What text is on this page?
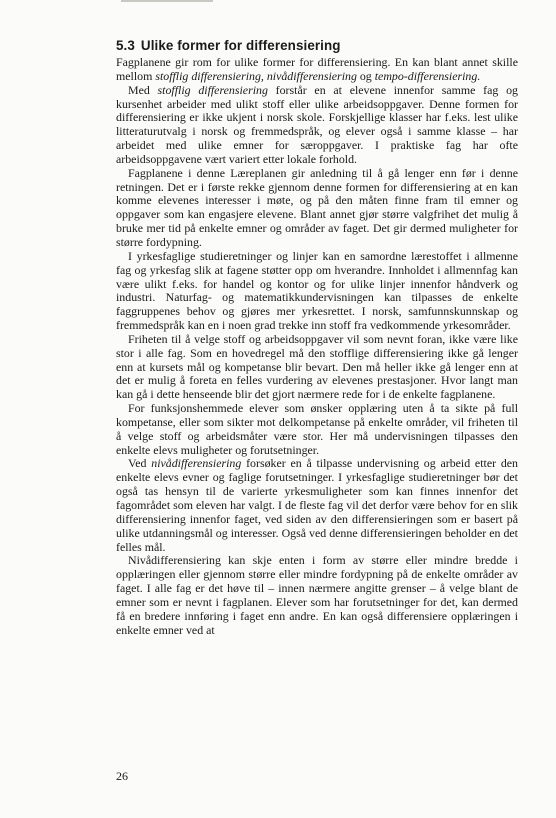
5.3 Ulike former for differensiering

Fagplanene gir rom for ulike former for differensiering. En kan blant annet skille mellom stofflig differensiering, nivådifferensiering og tempo-differensiering.

Med stofflig differensiering forstår en at elevene innenfor samme fag og kursenhet arbeider med ulikt stoff eller ulike arbeidsoppgaver. Denne formen for differensiering er ikke ukjent i norsk skole. Forskjellige klasser har f.eks. lest ulike litteraturutvalg i norsk og fremmedspråk, og elever også i samme klasse – har arbeidet med ulike emner for særoppgaver. I praktiske fag har ofte arbeidsoppgavene vært variert etter lokale forhold.

Fagplanene i denne Læreplanen gir anledning til å gå lenger enn før i denne retningen. Det er i første rekke gjennom denne formen for differensiering at en kan komme elevenes interesser i møte, og på den måten finne fram til emner og oppgaver som kan engasjere elevene. Blant annet gjør større valgfrihet det mulig å bruke mer tid på enkelte emner og områder av faget. Det gir dermed muligheter for større fordypning.

I yrkesfaglige studieretninger og linjer kan en samordne lærestoffet i allmenne fag og yrkesfag slik at fagene støtter opp om hverandre. Innholdet i allmennfag kan være ulikt f.eks. for handel og kontor og for ulike linjer innenfor håndverk og industri. Naturfag- og matematikkundervisningen kan tilpasses de enkelte faggruppenes behov og gjøres mer yrkesrettet. I norsk, samfunnskunnskap og fremmedspråk kan en i noen grad trekke inn stoff fra vedkommende yrkesområder.

Friheten til å velge stoff og arbeidsoppgaver vil som nevnt foran, ikke være like stor i alle fag. Som en hovedregel må den stofflige differensiering ikke gå lenger enn at kursets mål og kompetanse blir bevart. Den må heller ikke gå lenger enn at det er mulig å foreta en felles vurdering av elevenes prestasjoner. Hvor langt man kan gå i dette henseende blir det gjort nærmere rede for i de enkelte fagplanene.

For funksjonshemmede elever som ønsker opplæring uten å ta sikte på full kompetanse, eller som sikter mot delkompetanse på enkelte områder, vil friheten til å velge stoff og arbeidsmåter være stor. Her må undervisningen tilpasses den enkelte elevs muligheter og forutsetninger.

Ved nivådifferensiering forsøker en å tilpasse undervisning og arbeid etter den enkelte elevs evner og faglige forutsetninger. I yrkesfaglige studieretninger bør det også tas hensyn til de varierte yrkesmuligheter som kan finnes innenfor det fagområdet som eleven har valgt. I de fleste fag vil det derfor være behov for en slik differensiering innenfor faget, ved siden av den differensieringen som er basert på ulike utdanningsmål og interesser. Også ved denne differensieringen beholder en det felles mål.

Nivådifferensiering kan skje enten i form av større eller mindre bredde i opplæringen eller gjennom større eller mindre fordypning på de enkelte områder av faget. I alle fag er det høve til – innen nærmere angitte grenser – å velge blant de emner som er nevnt i fagplanen. Elever som har forutsetninger for det, kan dermed få en bredere innføring i faget enn andre. En kan også differensiere opplæringen i enkelte emner ved at

26
